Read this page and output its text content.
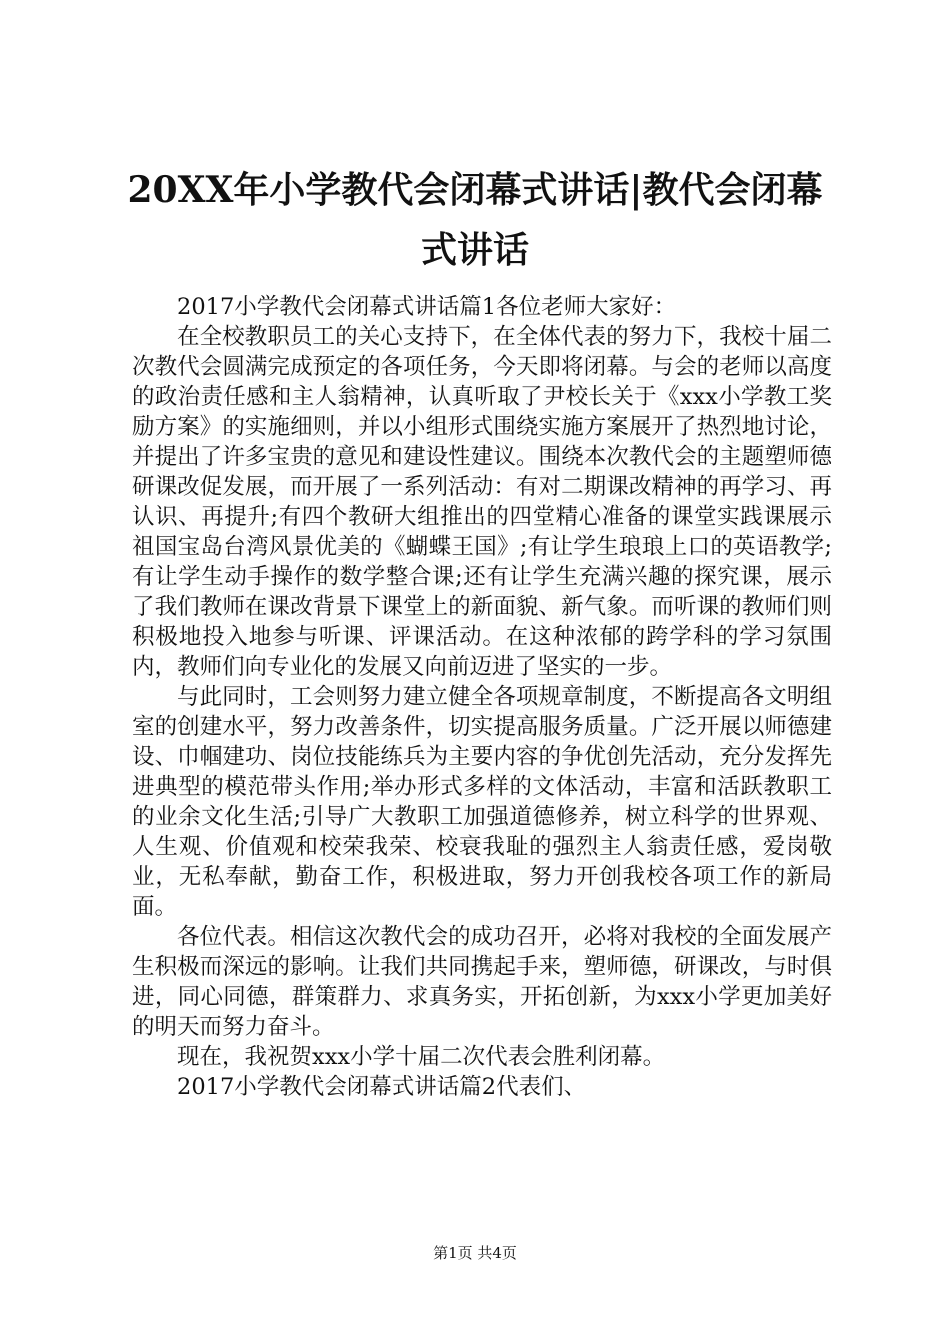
20XX年小学教代会闭幕式讲话|教代会闭幕式讲话

2017小学教代会闭幕式讲话篇1各位老师大家好：

在全校教职员工的关心支持下，在全体代表的努力下，我校十届二次教代会圆满完成预定的各项任务，今天即将闭幕。与会的老师以高度的政治责任感和主人翁精神，认真听取了尹校长关于《xxx小学教工奖励方案》的实施细则，并以小组形式围绕实施方案展开了热烈地讨论，并提出了许多宝贵的意见和建设性建议。围绕本次教代会的主题塑师德研课改促发展，而开展了一系列活动：有对二期课改精神的再学习、再认识、再提升;有四个教研大组推出的四堂精心准备的课堂实践课展示祖国宝岛台湾风景优美的《蝴蝶王国》;有让学生琅琅上口的英语教学;有让学生动手操作的数学整合课;还有让学生充满兴趣的探究课，展示了我们教师在课改背景下课堂上的新面貌、新气象。而听课的教师们则积极地投入地参与听课、评课活动。在这种浓郁的跨学科的学习氛围内，教师们向专业化的发展又向前迈进了坚实的一步。

与此同时，工会则努力建立健全各项规章制度，不断提高各文明组室的创建水平，努力改善条件，切实提高服务质量。广泛开展以师德建设、巾帼建功、岗位技能练兵为主要内容的争优创先活动，充分发挥先进典型的模范带头作用;举办形式多样的文体活动，丰富和活跃教职工的业余文化生活;引导广大教职工加强道德修养，树立科学的世界观、人生观、价值观和校荣我荣、校衰我耻的强烈主人翁责任感，爱岗敬业，无私奉献，勤奋工作，积极进取，努力开创我校各项工作的新局面。

各位代表。相信这次教代会的成功召开，必将对我校的全面发展产生积极而深远的影响。让我们共同携起手来，塑师德，研课改，与时俱进，同心同德，群策群力、求真务实，开拓创新，为xxx小学更加美好的明天而努力奋斗。

现在，我祝贺xxx小学十届二次代表会胜利闭幕。

2017小学教代会闭幕式讲话篇2代表们、

第1页 共4页
